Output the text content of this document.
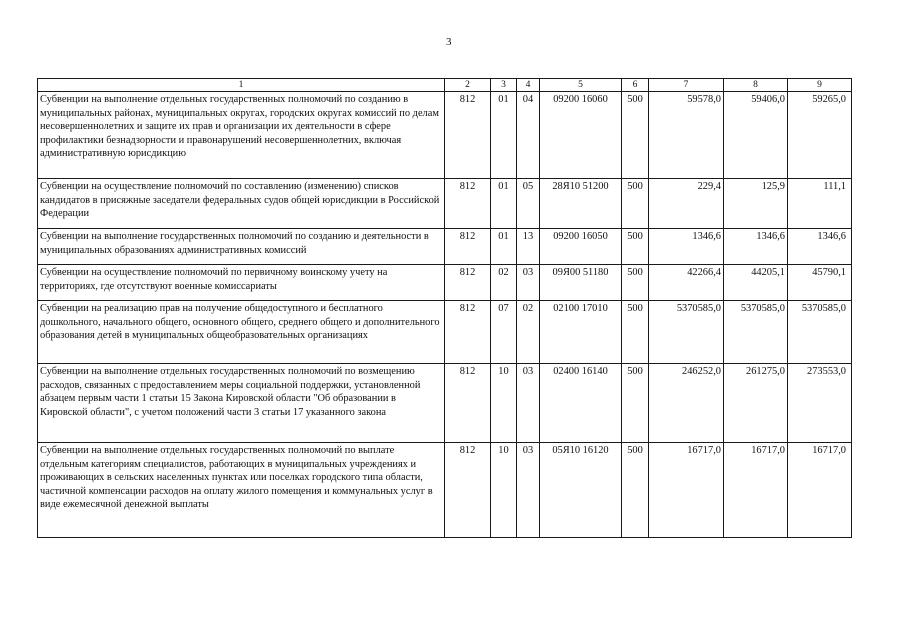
3
1	2	3	4	5	6	7	8	9
Субвенции на выполнение отдельных государственных полномочий по созданию в муниципальных районах, муниципальных округах, городских округах комиссий по делам несовершеннолетних и защите их прав и организации их деятельности в сфере профилактики безнадзорности и правонарушений несовершеннолетних, включая административную юрисдикцию	812	01	04	09200 16060	500	59578,0	59406,0	59265,0
Субвенции на осуществление полномочий по составлению (изменению) списков кандидатов в присяжные заседатели федеральных судов общей юрисдикции в Российской Федерации	812	01	05	28Я10 51200	500	229,4	125,9	111,1
Субвенции на выполнение государственных полномочий по созданию и деятельности в муниципальных образованиях административных комиссий	812	01	13	09200 16050	500	1346,6	1346,6	1346,6
Субвенции на осуществление полномочий по первичному воинскому учету на территориях, где отсутствуют военные комиссариаты	812	02	03	09Я00 51180	500	42266,4	44205,1	45790,1
Субвенции на реализацию прав на получение общедоступного и бесплатного дошкольного, начального общего, основного общего, среднего общего и дополнительного образования детей в муниципальных общеобразовательных организациях	812	07	02	02100 17010	500	5370585,0	5370585,0	5370585,0
Субвенции на выполнение отдельных государственных полномочий по возмещению расходов, связанных с предоставлением меры социальной поддержки, установленной абзацем первым части 1 статьи 15 Закона Кировской области "Об образовании в Кировской области", с учетом положений части 3 статьи 17 указанного закона	812	10	03	02400 16140	500	246252,0	261275,0	273553,0
Субвенции на выполнение отдельных государственных полномочий по выплате отдельным категориям специалистов, работающих в муниципальных учреждениях и проживающих в сельских населенных пунктах или поселках городского типа области, частичной компенсации расходов на оплату жилого помещения и коммунальных услуг в виде ежемесячной денежной выплаты	812	10	03	05Я10 16120	500	16717,0	16717,0	16717,0
